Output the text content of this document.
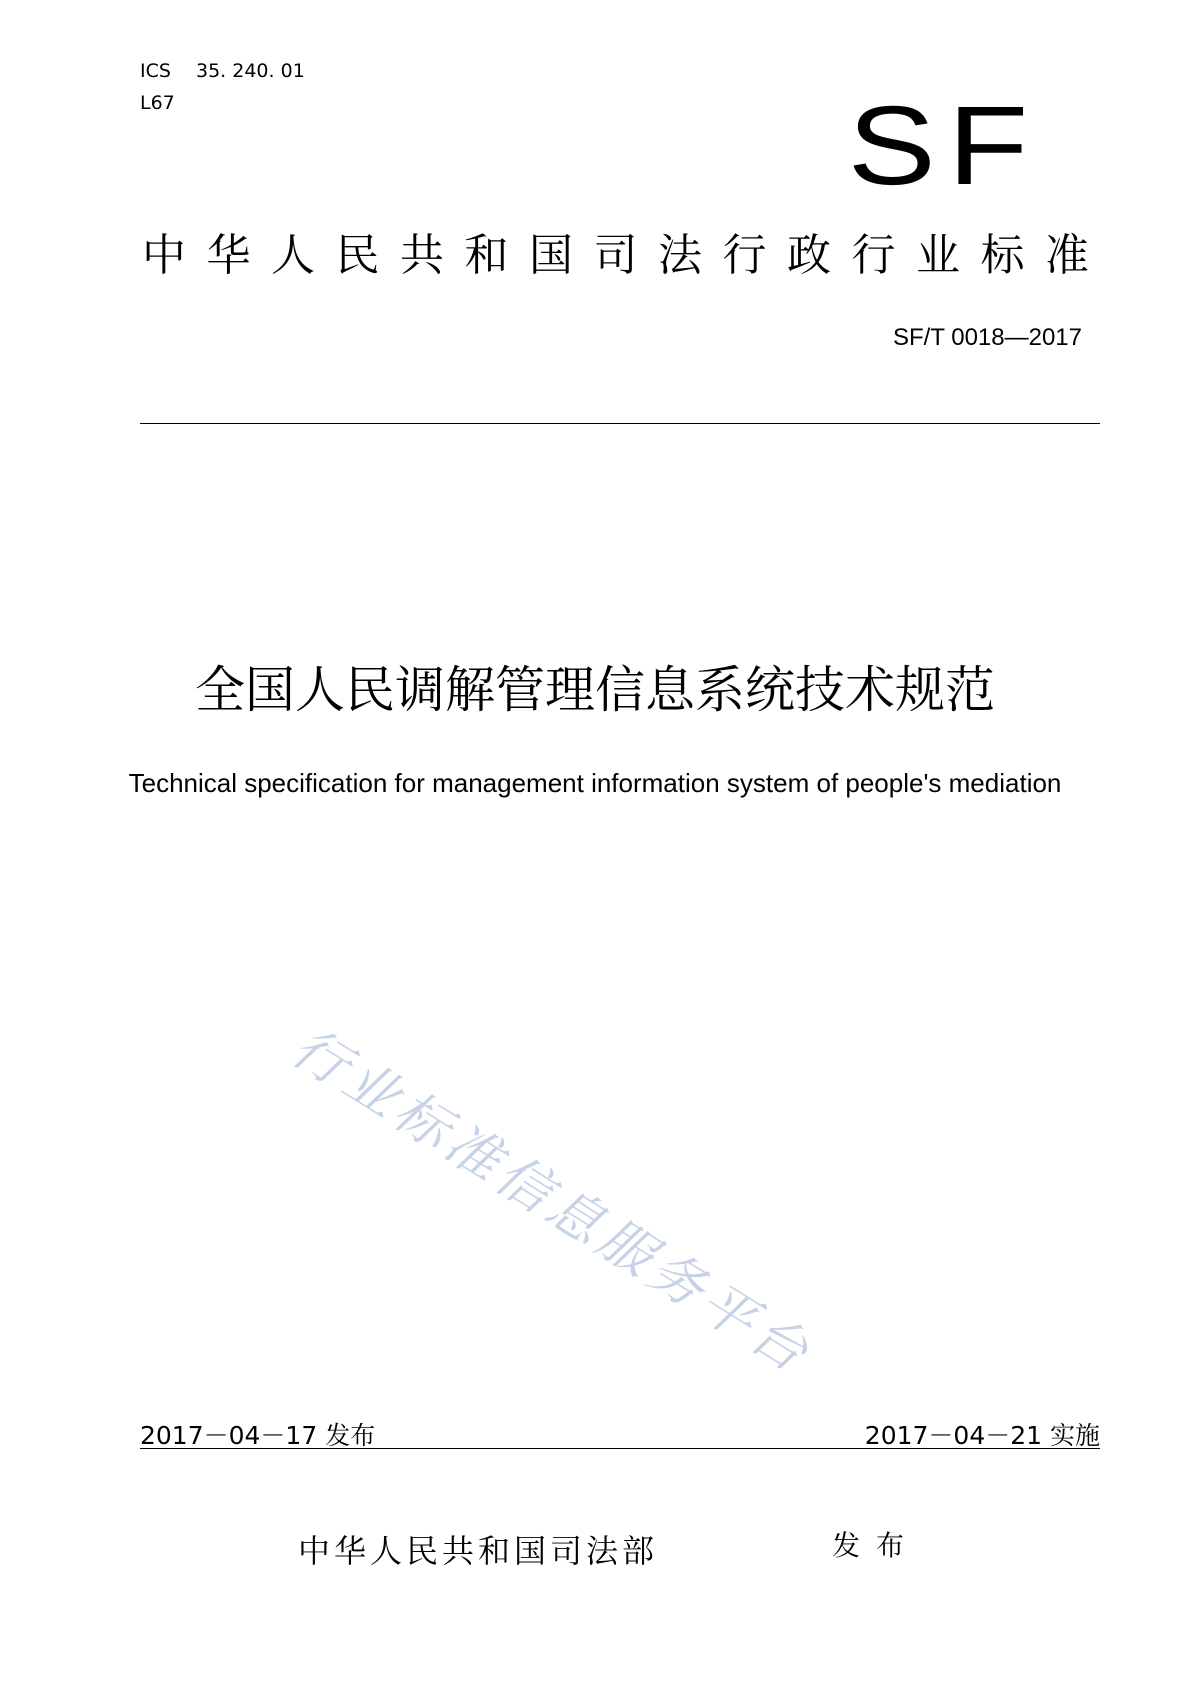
ICS 35. 240. 01
L67	SF
中华人民共和国司法行政行业标准
SF/T 0018—2017
全国人民调解管理信息系统技术规范
Technical specification for management information system of people's mediation
行业标准信息服务平台
2017－04－17 发布	2017－04－21 实施
中华人民共和国司法部	发布
